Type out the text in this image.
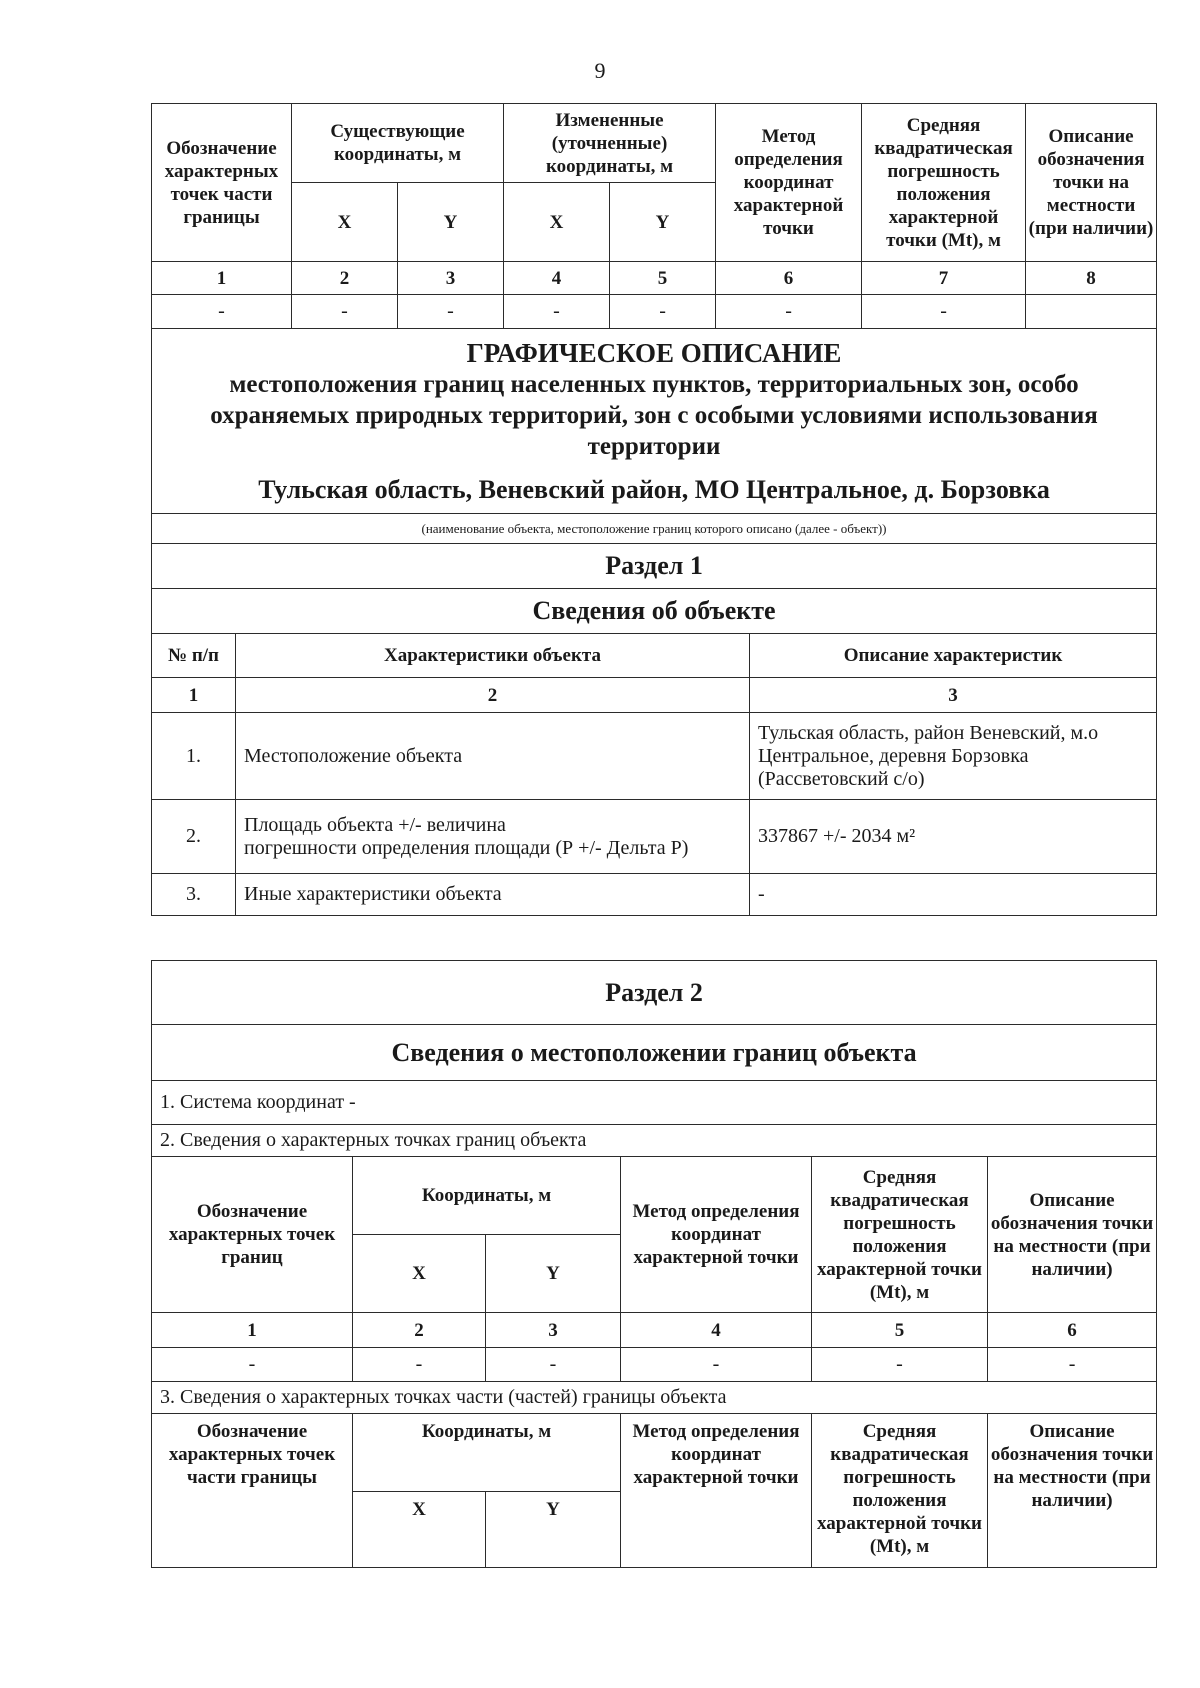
9
Обозначение характерных точек части границы	Существующие координаты, м		Измененные (уточненные) координаты, м		Метод определения координат характерной точки	Средняя квадратическая погрешность положения характерной точки (Mt), м	Описание обозначения точки на местности (при наличии)
	X	Y	X	Y			
1	2	3	4	5	6	7	8
-	-	-	-	-	-	-	
ГРАФИЧЕСКОЕ ОПИСАНИЕ
местоположения границ населенных пунктов, территориальных зон, особо
охраняемых природных территорий, зон с особыми условиями использования
территории
Тульская область, Веневский район, МО Центральное, д. Борзовка		

(наименование объекта, местоположение границ которого описано (далее - объект))		
Раздел 1		
Сведения об объекте		
№ п/п	Характеристики объекта	Описание характеристик
1	2	3
1.	Местоположение объекта	Тульская область, район Веневский, м.о
Центральное, деревня Борзовка
(Рассветовский с/о)

2.	Площадь объекта +/- величина
погрешности определения площади (Р +/- Дельта Р)	337867 +/- 2034 м²
3.	Иные характеристики объекта	-
Раздел 2					
Сведения о местоположении границ объекта					
1. Система координат -					
2. Сведения о характерных точках границ объекта					
Обозначение характерных точек границ	Координаты, м		Метод определения координат характерной точки	Средняя квадратическая погрешность положения характерной точки (Mt), м	Описание обозначения точки на местности (при наличии)
	X	Y			
1	2	3	4	5	6
-	-	-	-	-	-
3. Сведения о характерных точках части (частей) границы объекта					
Обозначение характерных точек части границы	Координаты, м		Метод определения координат характерной точки	Средняя квадратическая погрешность положения характерной точки (Mt), м	Описание обозначения точки на местности (при наличии)
	X	Y			
